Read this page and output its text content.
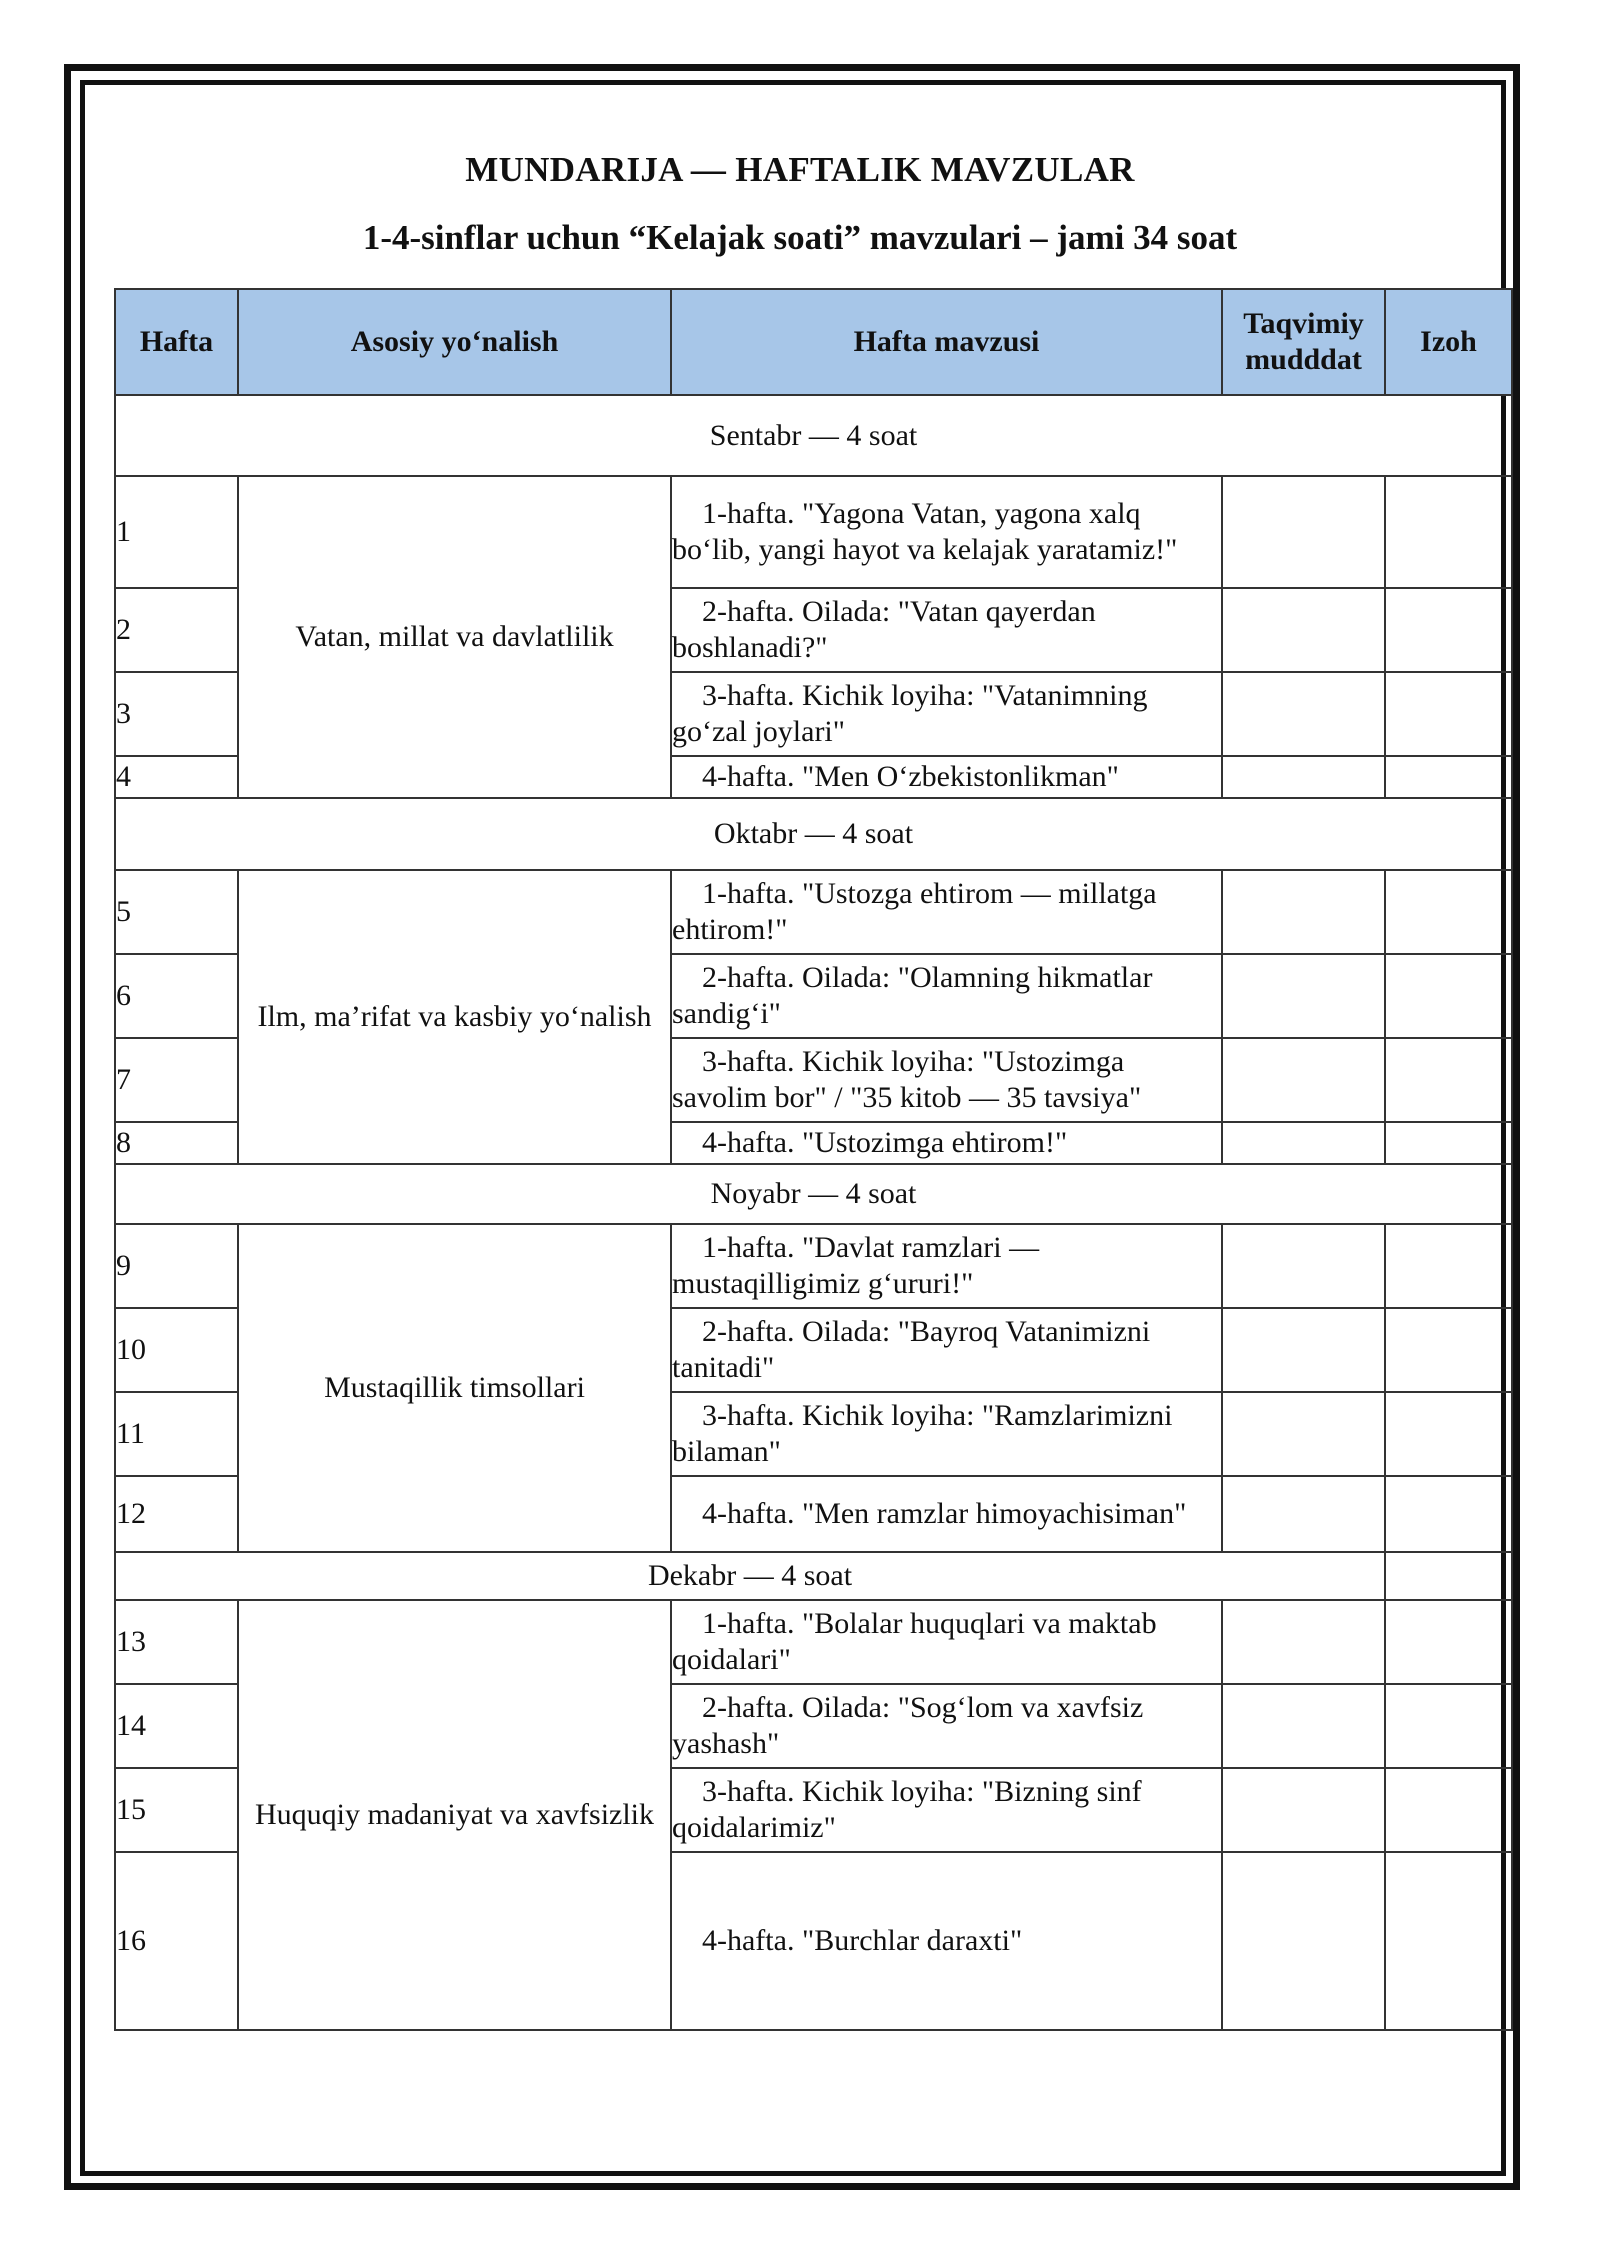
MUNDARIJA — HAFTALIK MAVZULAR
1-4-sinflar uchun “Kelajak soati” mavzulari – jami 34 soat
Hafta	Asosiy yo‘nalish	Hafta mavzusi	Taqvimiy mudddat	Izoh
Sentabr — 4 soat				
1	Vatan, millat va davlatlilik	1-hafta. "Yagona Vatan, yagona xalq bo‘lib, yangi hayot va kelajak yaratamiz!"		
2		2-hafta. Oilada: "Vatan qayerdan boshlanadi?"		
3		3-hafta. Kichik loyiha: "Vatanimning go‘zal joylari"		
4		4-hafta. "Men O‘zbekistonlikman"		
Oktabr — 4 soat				
5	Ilm, ma’rifat va kasbiy yo‘nalish	1-hafta. "Ustozga ehtirom — millatga ehtirom!"		
6		2-hafta. Oilada: "Olamning hikmatlar sandig‘i"		
7		3-hafta. Kichik loyiha: "Ustozimga savolim bor" / "35 kitob — 35 tavsiya"		
8		4-hafta. "Ustozimga ehtirom!"		
Noyabr — 4 soat				
9	Mustaqillik timsollari	1-hafta. "Davlat ramzlari — mustaqilligimiz g‘ururi!"		
10		2-hafta. Oilada: "Bayroq Vatanimizni tanitadi"		
11		3-hafta. Kichik loyiha: "Ramzlarimizni bilaman"		
12		4-hafta. "Men ramzlar himoyachisiman"		
Dekabr — 4 soat				
13	Huquqiy madaniyat va xavfsizlik	1-hafta. "Bolalar huquqlari va maktab qoidalari"		
14		2-hafta. Oilada: "Sog‘lom va xavfsiz yashash"		
15		3-hafta. Kichik loyiha: "Bizning sinf qoidalarimiz"		
16		4-hafta. "Burchlar daraxti"		
